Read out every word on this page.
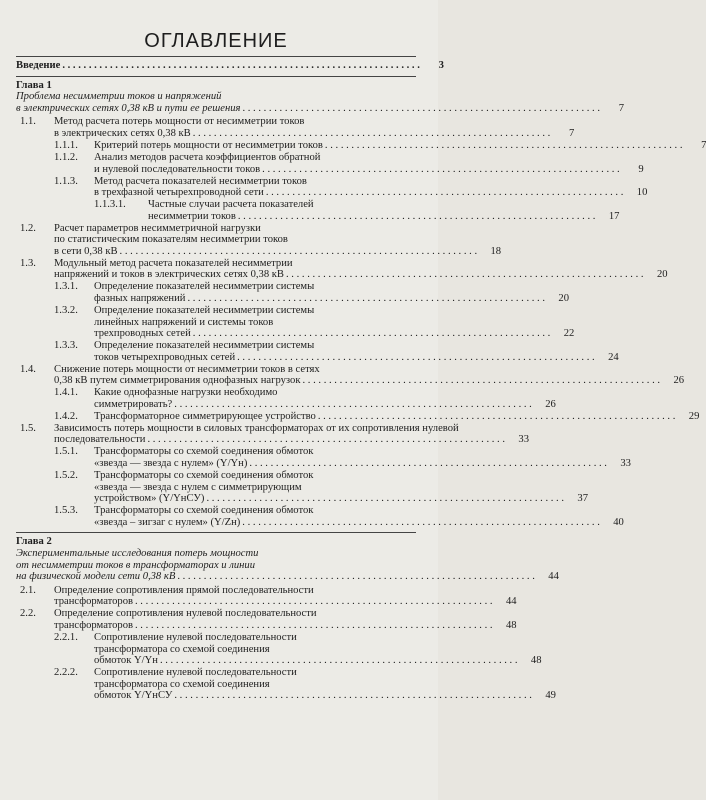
ОГЛАВЛЕНИЕ
Введение . . .	3
Глава 1
Проблема несимметрии токов и напряжений
в электрических сетях 0,38 кВ и пути ее решения . . .	7
1.1.	Метод расчета потерь мощности от несимметрии токов
в электрических сетях 0,38 кВ . . .	7
1.1.1.	Критерий потерь мощности от несимметрии токов . . .	7
1.1.2.	Анализ методов расчета коэффициентов обратной
и нулевой последовательности токов . . .	9
1.1.3.	Метод расчета показателей несимметрии токов
в трехфазной четырехпроводной сети . . .	10
1.1.3.1.	Частные случаи расчета показателей
несимметрии токов . . .	17
1.2.	Расчет параметров несимметричной нагрузки
по статистическим показателям несимметрии токов
в сети 0,38 кВ . . .	18
1.3.	Модульный метод расчета показателей несимметрии
напряжений и токов в электрических сетях 0,38 кВ . . .	20
1.3.1.	Определение показателей несимметрии системы
фазных напряжений . . .	20
1.3.2.	Определение показателей несимметрии системы
линейных напряжений и системы токов
трехпроводных сетей . . .	22
1.3.3.	Определение показателей несимметрии системы
токов четырехпроводных сетей . . .	24
1.4.	Снижение потерь мощности от несимметрии токов в сетях
0,38 кВ путем симметрирования однофазных нагрузок . . .	26
1.4.1.	Какие однофазные нагрузки необходимо
симметрировать? . . .	26
1.4.2.	Трансформаторное симметрирующее устройство . . .	29
1.5.	Зависимость потерь мощности в силовых трансформаторах от их сопротивления нулевой
последовательности . . .	33
1.5.1.	Трансформаторы со схемой соединения обмоток
«звезда — звезда с нулем» (Y/Yн) . . .	33
1.5.2.	Трансформаторы со схемой соединения обмоток
«звезда — звезда с нулем с симметрирующим
устройством» (Y/YнСУ) . . .	37
1.5.3.	Трансформаторы со схемой соединения обмоток
«звезда – зигзаг с нулем» (Y/Zн) . . .	40
Глава 2
Экспериментальные исследования потерь мощности
от несимметрии токов в трансформаторах и линии
на физической модели сети 0,38 кВ . . .	44
2.1.	Определение сопротивления прямой последовательности
трансформаторов . . .	44
2.2.	Определение сопротивления нулевой последовательности
трансформаторов . . .	48
2.2.1.	Сопротивление нулевой последовательности
трансформатора со схемой соединения
обмоток Y/Yн . . .	48
2.2.2.	Сопротивление нулевой последовательности
трансформатора со схемой соединения
обмоток Y/YнСУ . . .	49
